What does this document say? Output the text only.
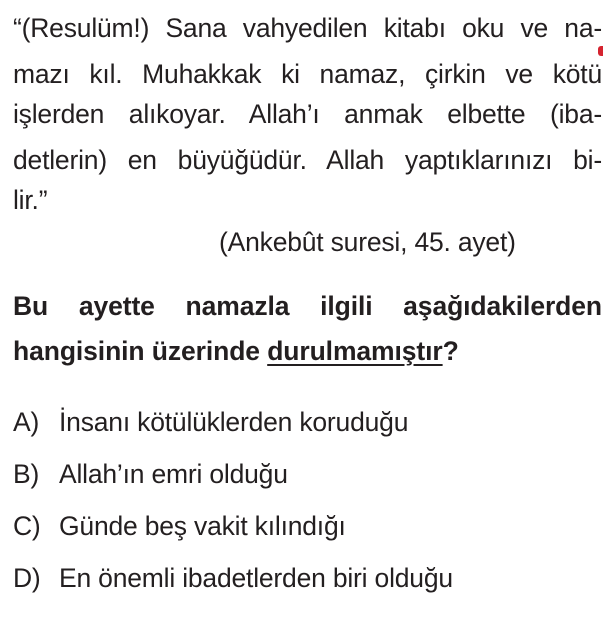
“(Resulüm!) Sana vahyedilen kitabı oku ve na-
mazı kıl. Muhakkak ki namaz, çirkin ve kötü
işlerden alıkoyar. Allah’ı anmak elbette (iba-
detlerin) en büyüğüdür. Allah yaptıklarınızı bi-
lir.”
(Ankebût suresi, 45. ayet)
Bu ayette namazla ilgili aşağıdakilerden
hangisinin üzerinde durulmamıştır?
A) İnsanı kötülüklerden koruduğu
B) Allah’ın emri olduğu
C) Günde beş vakit kılındığı
D) En önemli ibadetlerden biri olduğu
